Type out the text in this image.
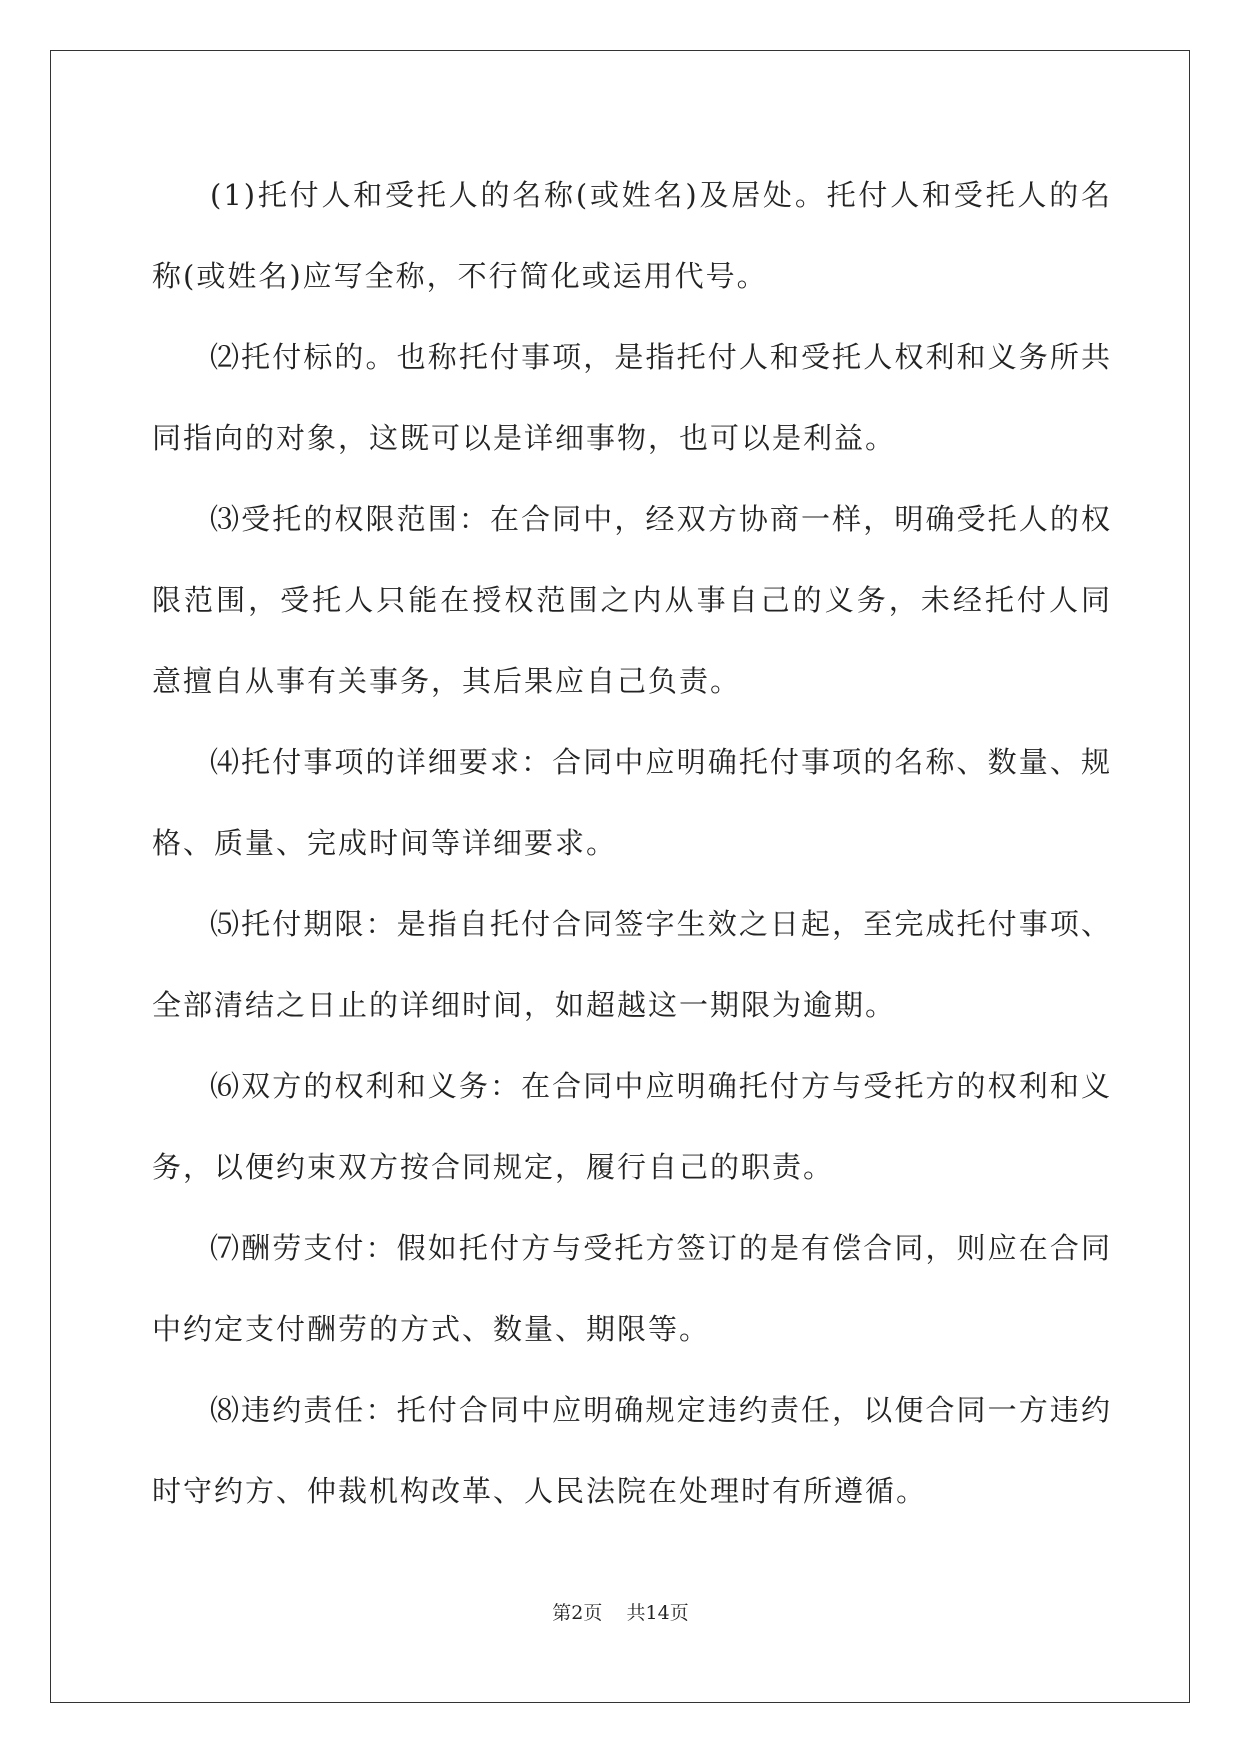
(1)托付人和受托人的名称(或姓名)及居处。托付人和受托人的名称(或姓名)应写全称，不行简化或运用代号。

⑵托付标的。也称托付事项，是指托付人和受托人权利和义务所共同指向的对象，这既可以是详细事物，也可以是利益。

⑶受托的权限范围：在合同中，经双方协商一样，明确受托人的权限范围，受托人只能在授权范围之内从事自己的义务，未经托付人同意擅自从事有关事务，其后果应自己负责。

⑷托付事项的详细要求：合同中应明确托付事项的名称、数量、规格、质量、完成时间等详细要求。

⑸托付期限：是指自托付合同签字生效之日起，至完成托付事项、全部清结之日止的详细时间，如超越这一期限为逾期。

⑹双方的权利和义务：在合同中应明确托付方与受托方的权利和义务，以便约束双方按合同规定，履行自己的职责。

⑺酬劳支付：假如托付方与受托方签订的是有偿合同，则应在合同中约定支付酬劳的方式、数量、期限等。

⑻违约责任：托付合同中应明确规定违约责任，以便合同一方违约时守约方、仲裁机构改革、人民法院在处理时有所遵循。

第2页 共14页
